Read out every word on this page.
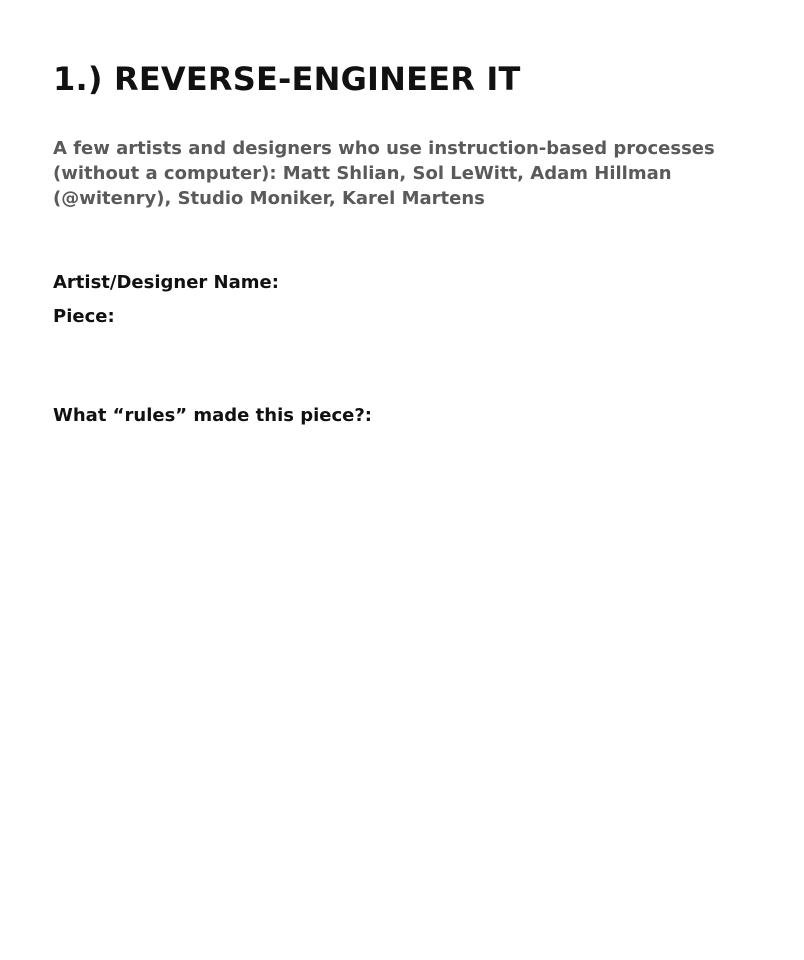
1.) REVERSE-ENGINEER IT

A few artists and designers who use instruction-based processes (without a computer): Matt Shlian, Sol LeWitt, Adam Hillman (@witenry), Studio Moniker, Karel Martens

Artist/Designer Name:
Piece:
What “rules” made this piece?:
